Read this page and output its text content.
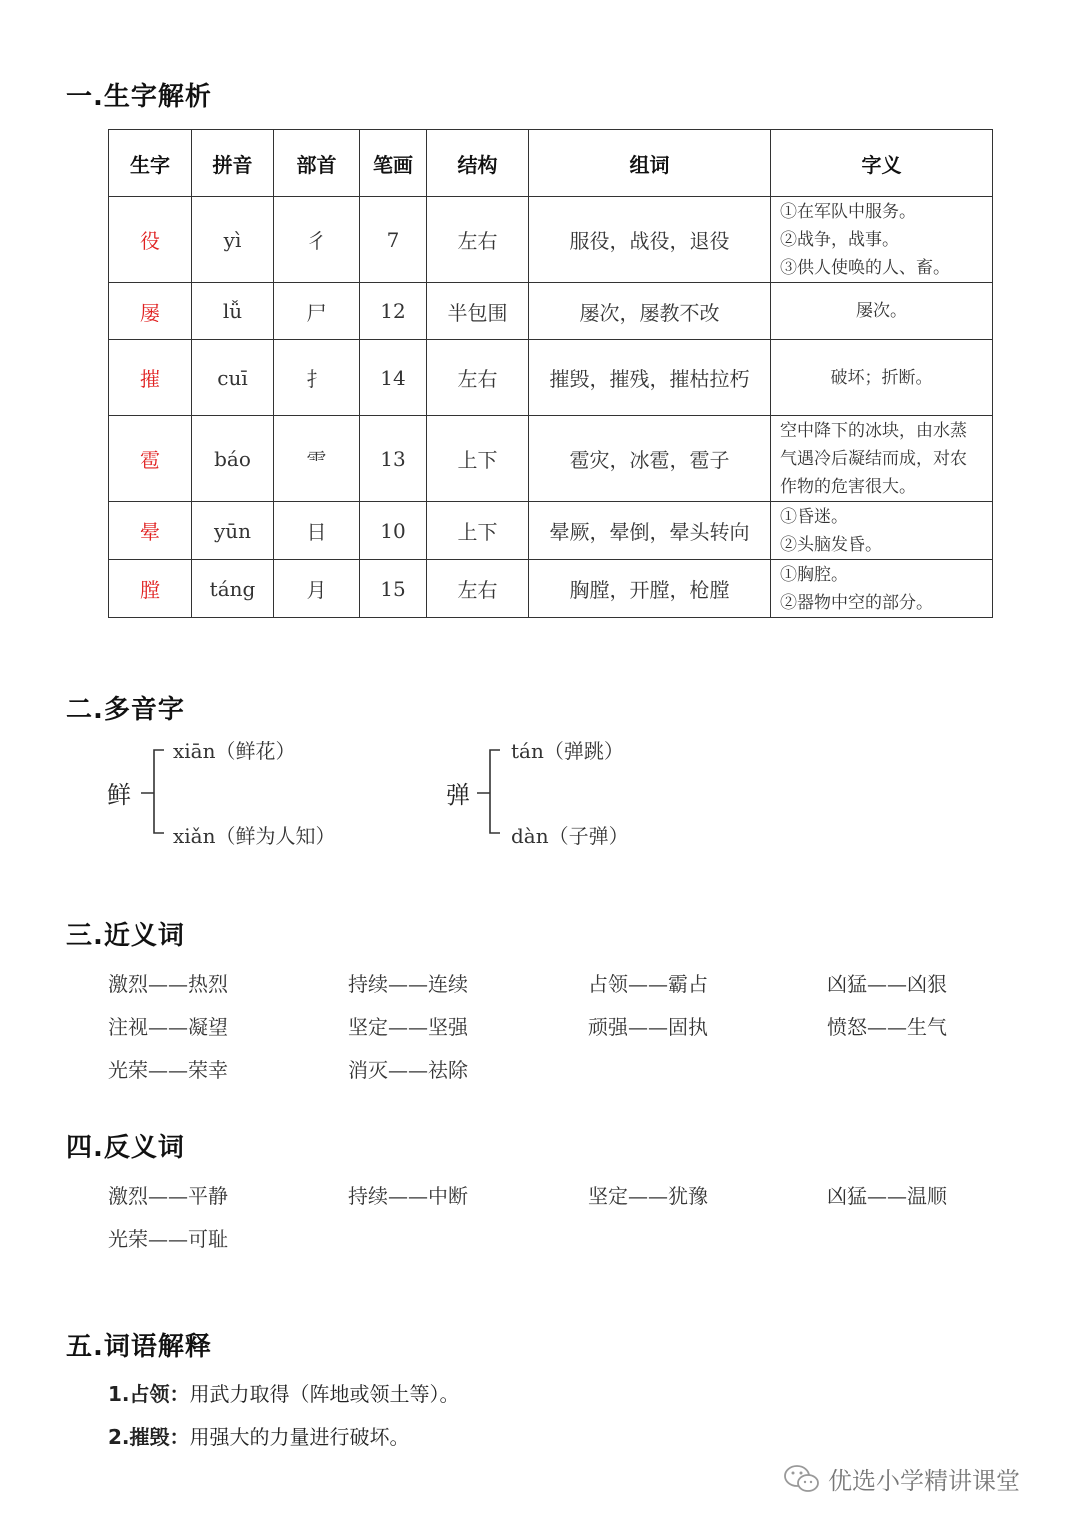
一.生字解析
生字	拼音	部首	笔画	结构	组词	字义
役	yì	彳	7	左右	服役，战役，退役	①在军队中服务。
②战争，战事。
③供人使唤的人、畜。

屡	lǚ	尸	12	半包围	屡次，屡教不改	屡次。

摧	cuī	扌	14	左右	摧毁，摧残，摧枯拉朽	破坏；折断。

雹	báo	⻗	13	上下	雹灾，冰雹，雹子	空中降下的冰块，由水蒸
气遇冷后凝结而成，对农
作物的危害很大。

晕	yūn	日	10	上下	晕厥，晕倒，晕头转向	①昏迷。
②头脑发昏。

膛	táng	月	15	左右	胸膛，开膛，枪膛	①胸腔。
②器物中空的部分。
二.多音字
鲜
xiān（鲜花）
xiǎn（鲜为人知）
弹
tán（弹跳）
dàn（子弹）
三.近义词
激烈——热烈	持续——连续	占领——霸占	凶猛——凶狠
注视——凝望	坚定——坚强	顽强——固执	愤怒——生气
光荣——荣幸	消灭——祛除
四.反义词
激烈——平静	持续——中断	坚定——犹豫	凶猛——温顺
光荣——可耻
五.词语解释
1.占领：用武力取得（阵地或领土等）。
2.摧毁：用强大的力量进行破坏。
优选小学精讲课堂
